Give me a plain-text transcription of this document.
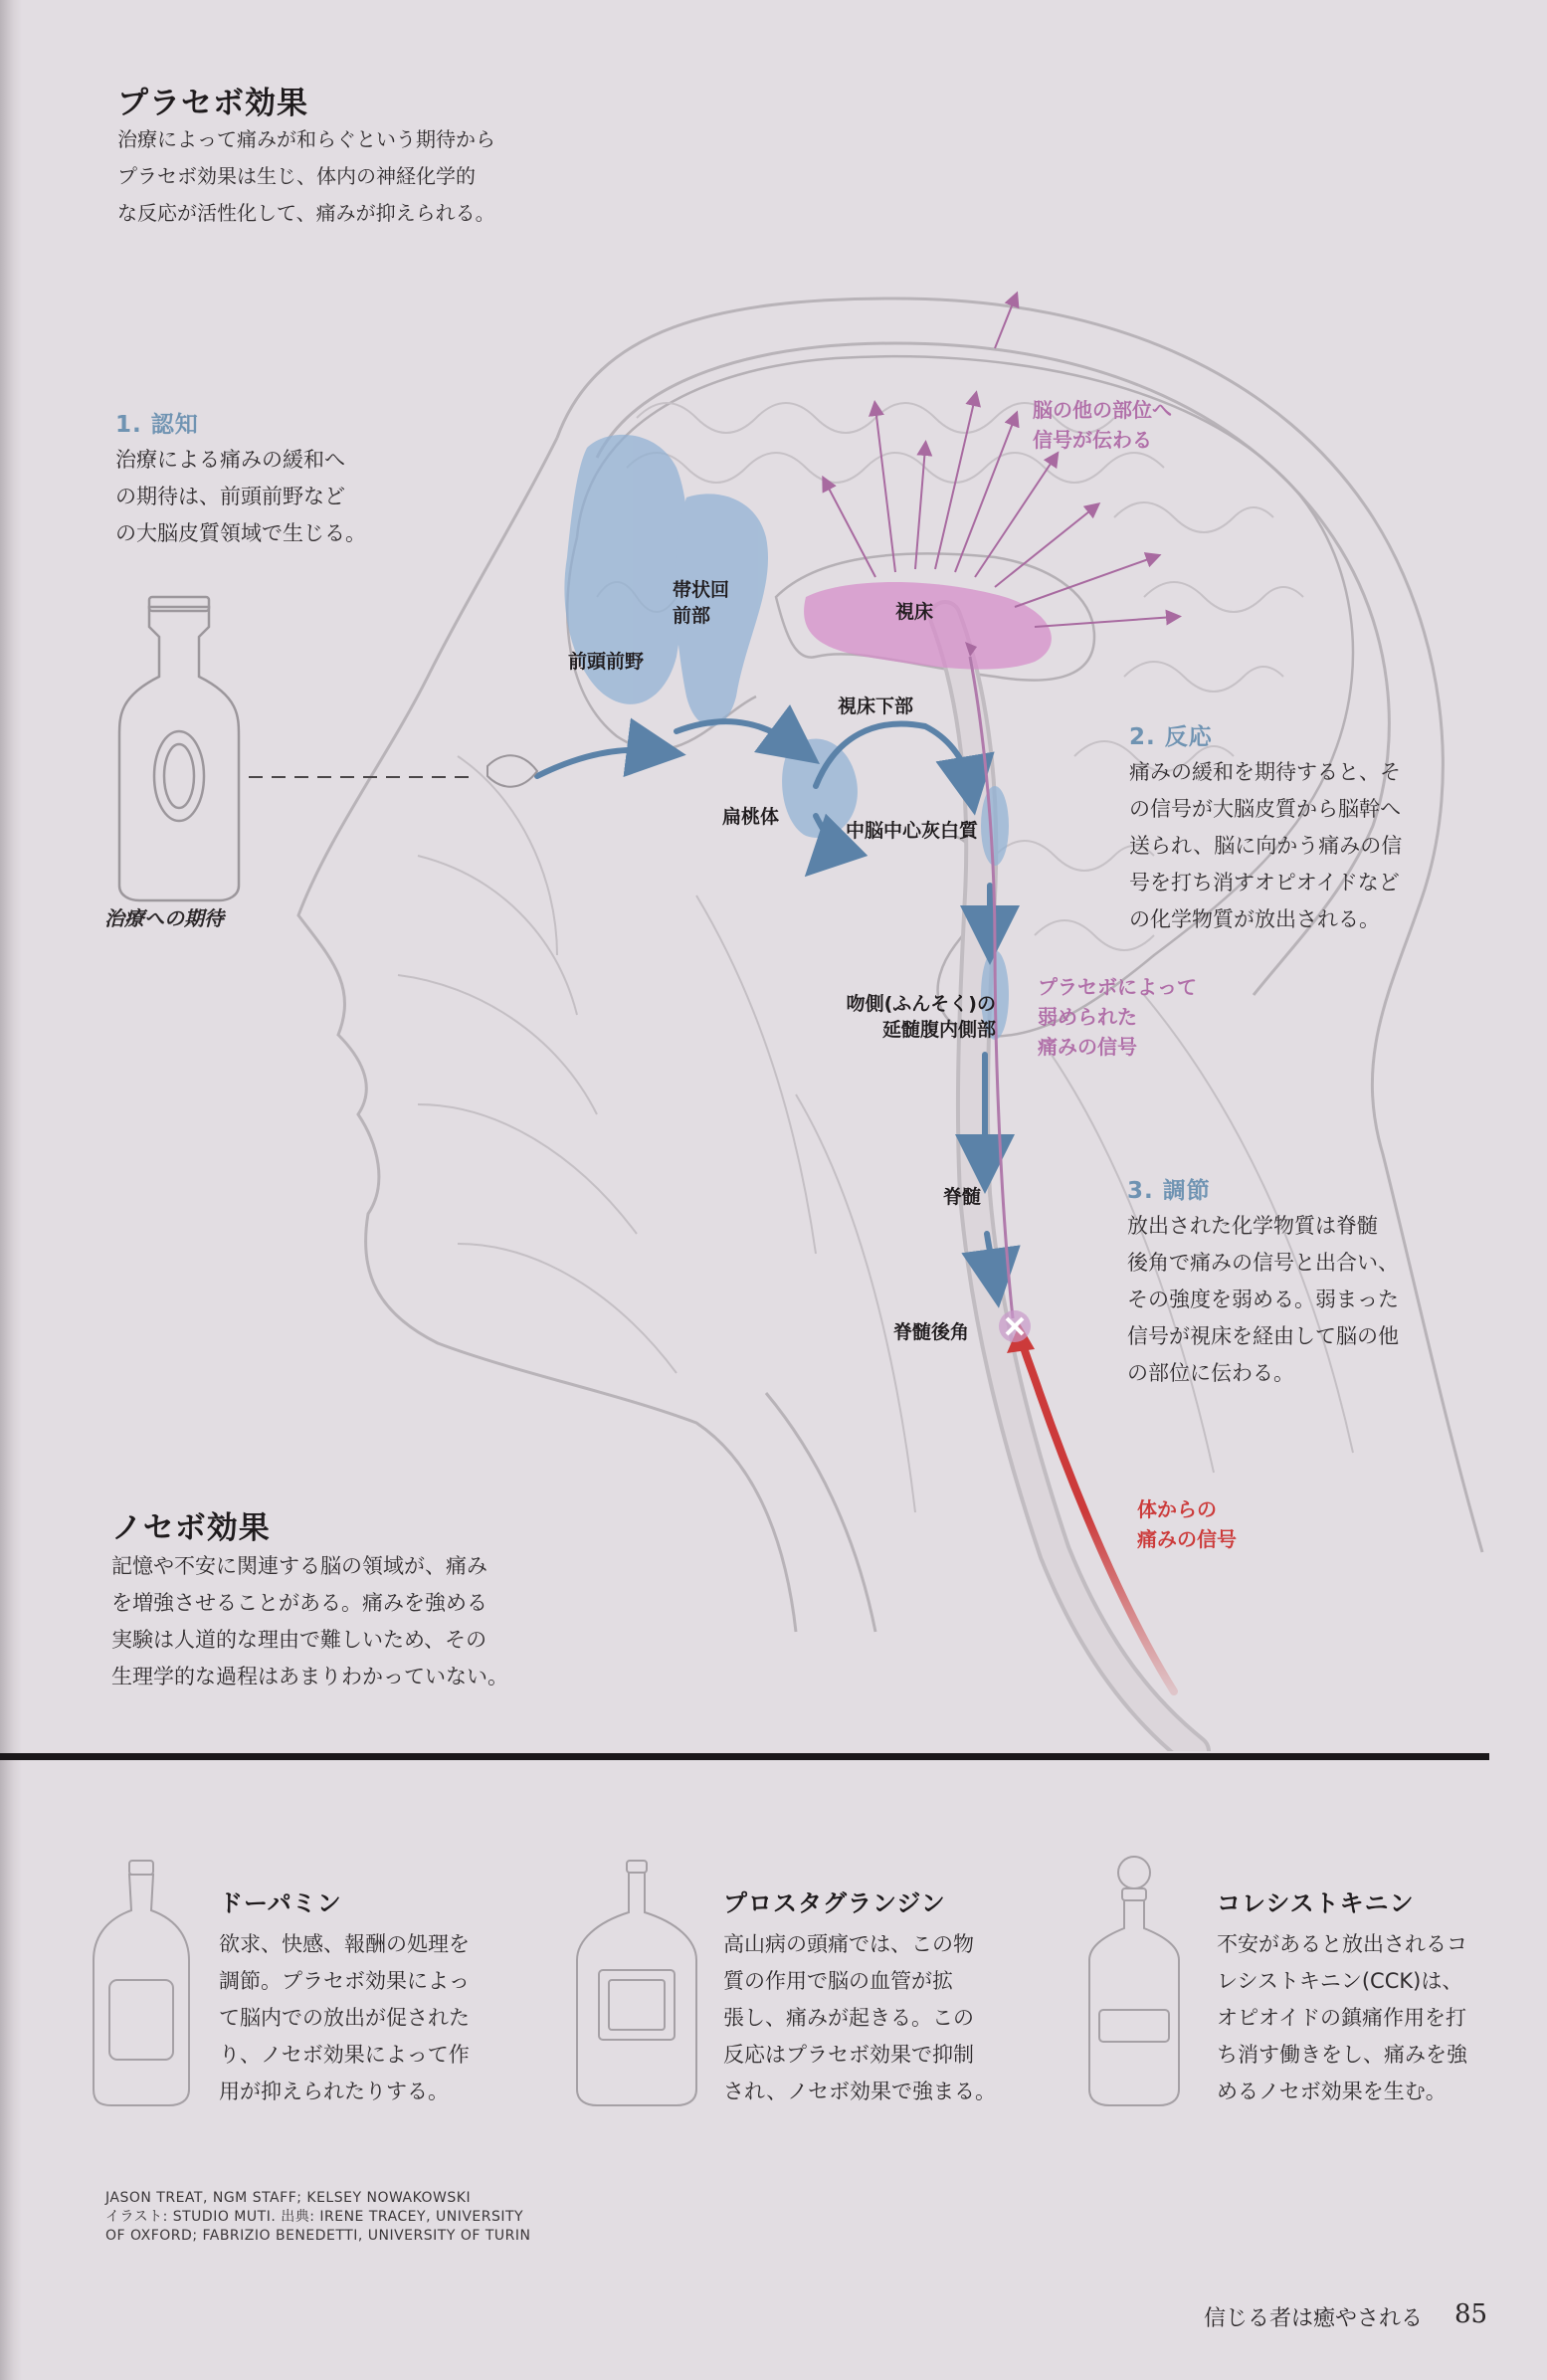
プラセボ効果
治療によって痛みが和らぐという期待から
プラセボ効果は生じ、体内の神経化学的
な反応が活性化して、痛みが抑えられる。
1. 認知
治療による痛みの緩和へ
の期待は、前頭前野など
の大脳皮質領域で生じる。
2. 反応
痛みの緩和を期待すると、そ
の信号が大脳皮質から脳幹へ
送られ、脳に向かう痛みの信
号を打ち消すオピオイドなど
の化学物質が放出される。
3. 調節
放出された化学物質は脊髄
後角で痛みの信号と出合い、
その強度を弱める。弱まった
信号が視床を経由して脳の他
の部位に伝わる。
ノセボ効果
記憶や不安に関連する脳の領域が、痛み
を増強させることがある。痛みを強める
実験は人道的な理由で難しいため、その
生理学的な過程はあまりわかっていない。
治療への期待
前頭前野
帯状回
前部	視床
視床下部
扁桃体
中脳中心灰白質
吻側(ふんそく)の
延髄腹内側部
脊髄
脊髄後角
脳の他の部位へ
信号が伝わる
プラセボによって
弱められた
痛みの信号
体からの
痛みの信号
ドーパミン
欲求、快感、報酬の処理を
調節。プラセボ効果によっ
て脳内での放出が促された
り、ノセボ効果によって作
用が抑えられたりする。
プロスタグランジン
高山病の頭痛では、この物
質の作用で脳の血管が拡
張し、痛みが起きる。この
反応はプラセボ効果で抑制
され、ノセボ効果で強まる。
コレシストキニン
不安があると放出されるコ
レシストキニン(CCK)は、
オピオイドの鎮痛作用を打
ち消す働きをし、痛みを強
めるノセボ効果を生む。
JASON TREAT, NGM STAFF; KELSEY NOWAKOWSKI
イラスト: STUDIO MUTI. 出典: IRENE TRACEY, UNIVERSITY
OF OXFORD; FABRIZIO BENEDETTI, UNIVERSITY OF TURIN
信じる者は癒やされる 85
